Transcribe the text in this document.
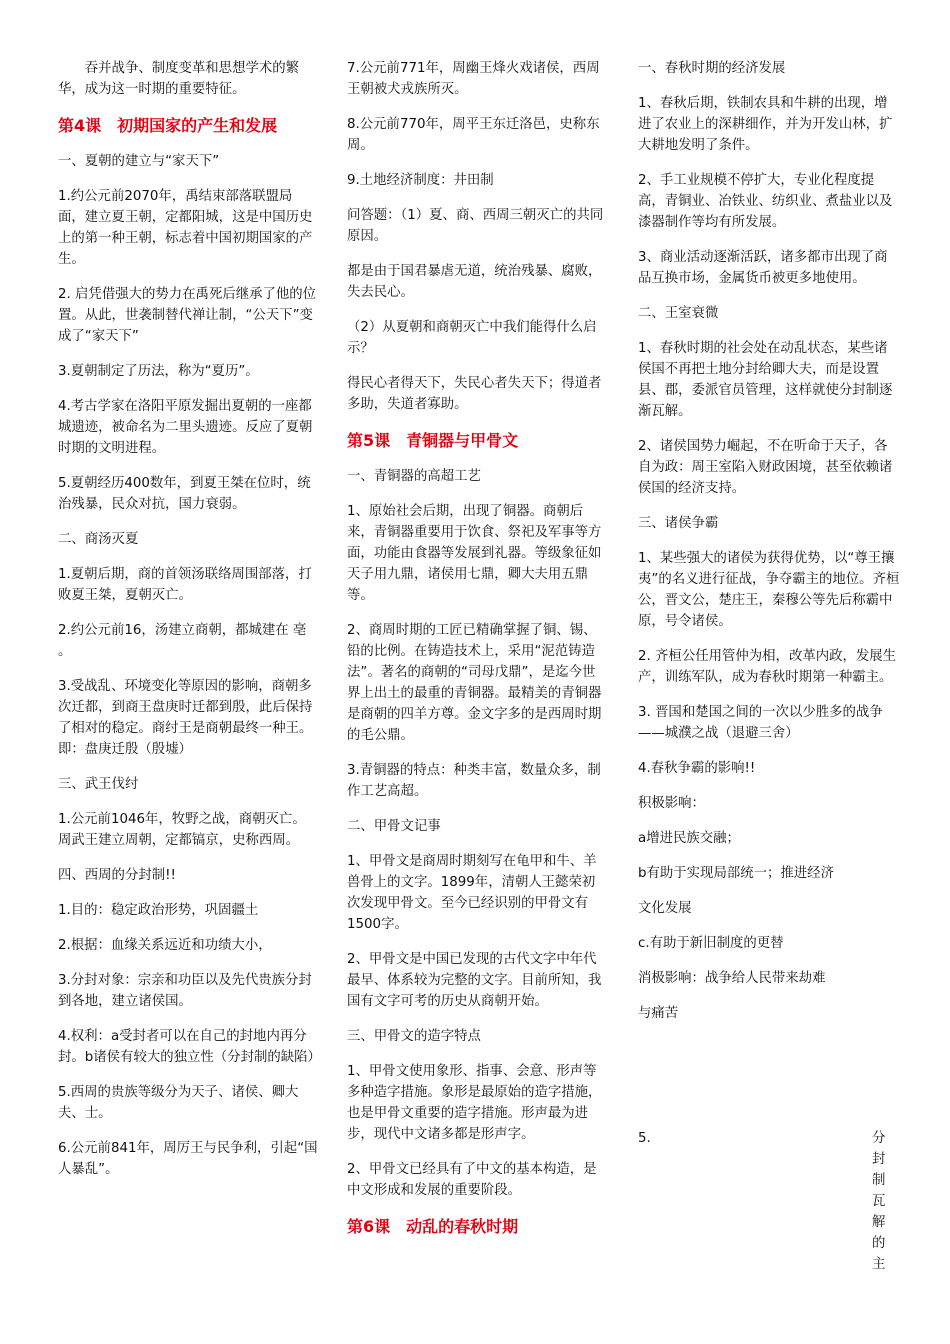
　　吞并战争、制度变革和思想学术的繁华，成为这一时期的重要特征。
第4课　初期国家的产生和发展
一、夏朝的建立与“家天下”
1.约公元前2070年，禹结束部落联盟局面，建立夏王朝，定都阳城，这是中国历史上的第一种王朝，标志着中国初期国家的产生。
2. 启凭借强大的势力在禹死后继承了他的位置。从此，世袭制替代禅让制，“公天下”变成了“家天下”
3.夏朝制定了历法，称为“夏历”。
4.考古学家在洛阳平原发掘出夏朝的一座都城遗迹，被命名为二里头遗迹。反应了夏朝时期的文明进程。
5.夏朝经历400数年，到夏王桀在位时，统治残暴，民众对抗，国力衰弱。
二、商汤灭夏
1.夏朝后期，商的首领汤联络周围部落，打败夏王桀，夏朝灭亡。
2.约公元前16，汤建立商朝，都城建在 亳 。
3.受战乱、环境变化等原因的影响，商朝多次迁都，到商王盘庚时迁都到殷，此后保持了相对的稳定。商纣王是商朝最终一种王。即：盘庚迁殷（殷墟）
三、武王伐纣
1.公元前1046年，牧野之战，商朝灭亡。周武王建立周朝，定都镐京，史称西周。
四、西周的分封制!!
1.目的：稳定政治形势，巩固疆土
2.根据：血缘关系远近和功绩大小，
3.分封对象：宗亲和功臣以及先代贵族分封到各地，建立诸侯国。
4.权利：a受封者可以在自己的封地内再分封。b诸侯有较大的独立性（分封制的缺陷）
5.西周的贵族等级分为天子、诸侯、卿大夫、士。
6.公元前841年，周厉王与民争利，引起“国人暴乱”。
7.公元前771年，周幽王烽火戏诸侯，西周王朝被犬戎族所灭。
8.公元前770年，周平王东迁洛邑，史称东周。
9.土地经济制度：井田制
问答题：（1）夏、商、西周三朝灭亡的共同原因。
都是由于国君暴虐无道，统治残暴、腐败，失去民心。
（2）从夏朝和商朝灭亡中我们能得什么启示？
得民心者得天下，失民心者失天下；得道者多助，失道者寡助。
第5课　青铜器与甲骨文
一、青铜器的高超工艺
1、原始社会后期，出现了铜器。商朝后来，青铜器重要用于饮食、祭祀及军事等方面，功能由食器等发展到礼器。等级象征如天子用九鼎，诸侯用七鼎，卿大夫用五鼎等。
2、商周时期的工匠已精确掌握了铜、锡、铅的比例。在铸造技术上，采用“泥范铸造法”。著名的商朝的“司母戊鼎”，是迄今世界上出土的最重的青铜器。最精美的青铜器是商朝的四羊方尊。金文字多的是西周时期的毛公鼎。
3.青铜器的特点：种类丰富，数量众多，制作工艺高超。
二、甲骨文记事
1、甲骨文是商周时期刻写在龟甲和牛、羊兽骨上的文字。1899年，清朝人王懿荣初次发现甲骨文。至今已经识别的甲骨文有1500字。
2、甲骨文是中国已发现的古代文字中年代最早、体系较为完整的文字。目前所知，我国有文字可考的历史从商朝开始。
三、甲骨文的造字特点
1、甲骨文使用象形、指事、会意、形声等多种造字措施。象形是最原始的造字措施，也是甲骨文重要的造字措施。形声最为进步，现代中文诸多都是形声字。
2、甲骨文已经具有了中文的基本构造，是中文形成和发展的重要阶段。
第6课　动乱的春秋时期
一、春秋时期的经济发展
1、春秋后期，铁制农具和牛耕的出现，增进了农业上的深耕细作，并为开发山林，扩大耕地发明了条件。
2、手工业规模不停扩大，专业化程度提高，青铜业、冶铁业、纺织业、煮盐业以及漆器制作等均有所发展。
3、商业活动逐渐活跃，诸多都市出现了商品互换市场，金属货币被更多地使用。
二、王室衰微
1、春秋时期的社会处在动乱状态，某些诸侯国不再把土地分封给卿大夫，而是设置县、郡，委派官员管理，这样就使分封制逐渐瓦解。
2、诸侯国势力崛起，不在听命于天子，各自为政：周王室陷入财政困境，甚至依赖诸侯国的经济支持。
三、诸侯争霸
1、某些强大的诸侯为获得优势，以“尊王攘夷”的名义进行征战，争夺霸主的地位。齐桓公，晋文公，楚庄王，秦穆公等先后称霸中原，号令诸侯。
2. 齐桓公任用管仲为相，改革内政，发展生产，训练军队，成为春秋时期第一种霸主。
3. 晋国和楚国之间的一次以少胜多的战争——城濮之战（退避三舍）
4.春秋争霸的影响!!
积极影响：
a增进民族交融；
b有助于实现局部统一；推进经济
文化发展
c.有助于新旧制度的更替
消极影响：战争给人民带来劫难
与痛苦
5.	分封制瓦解的主
